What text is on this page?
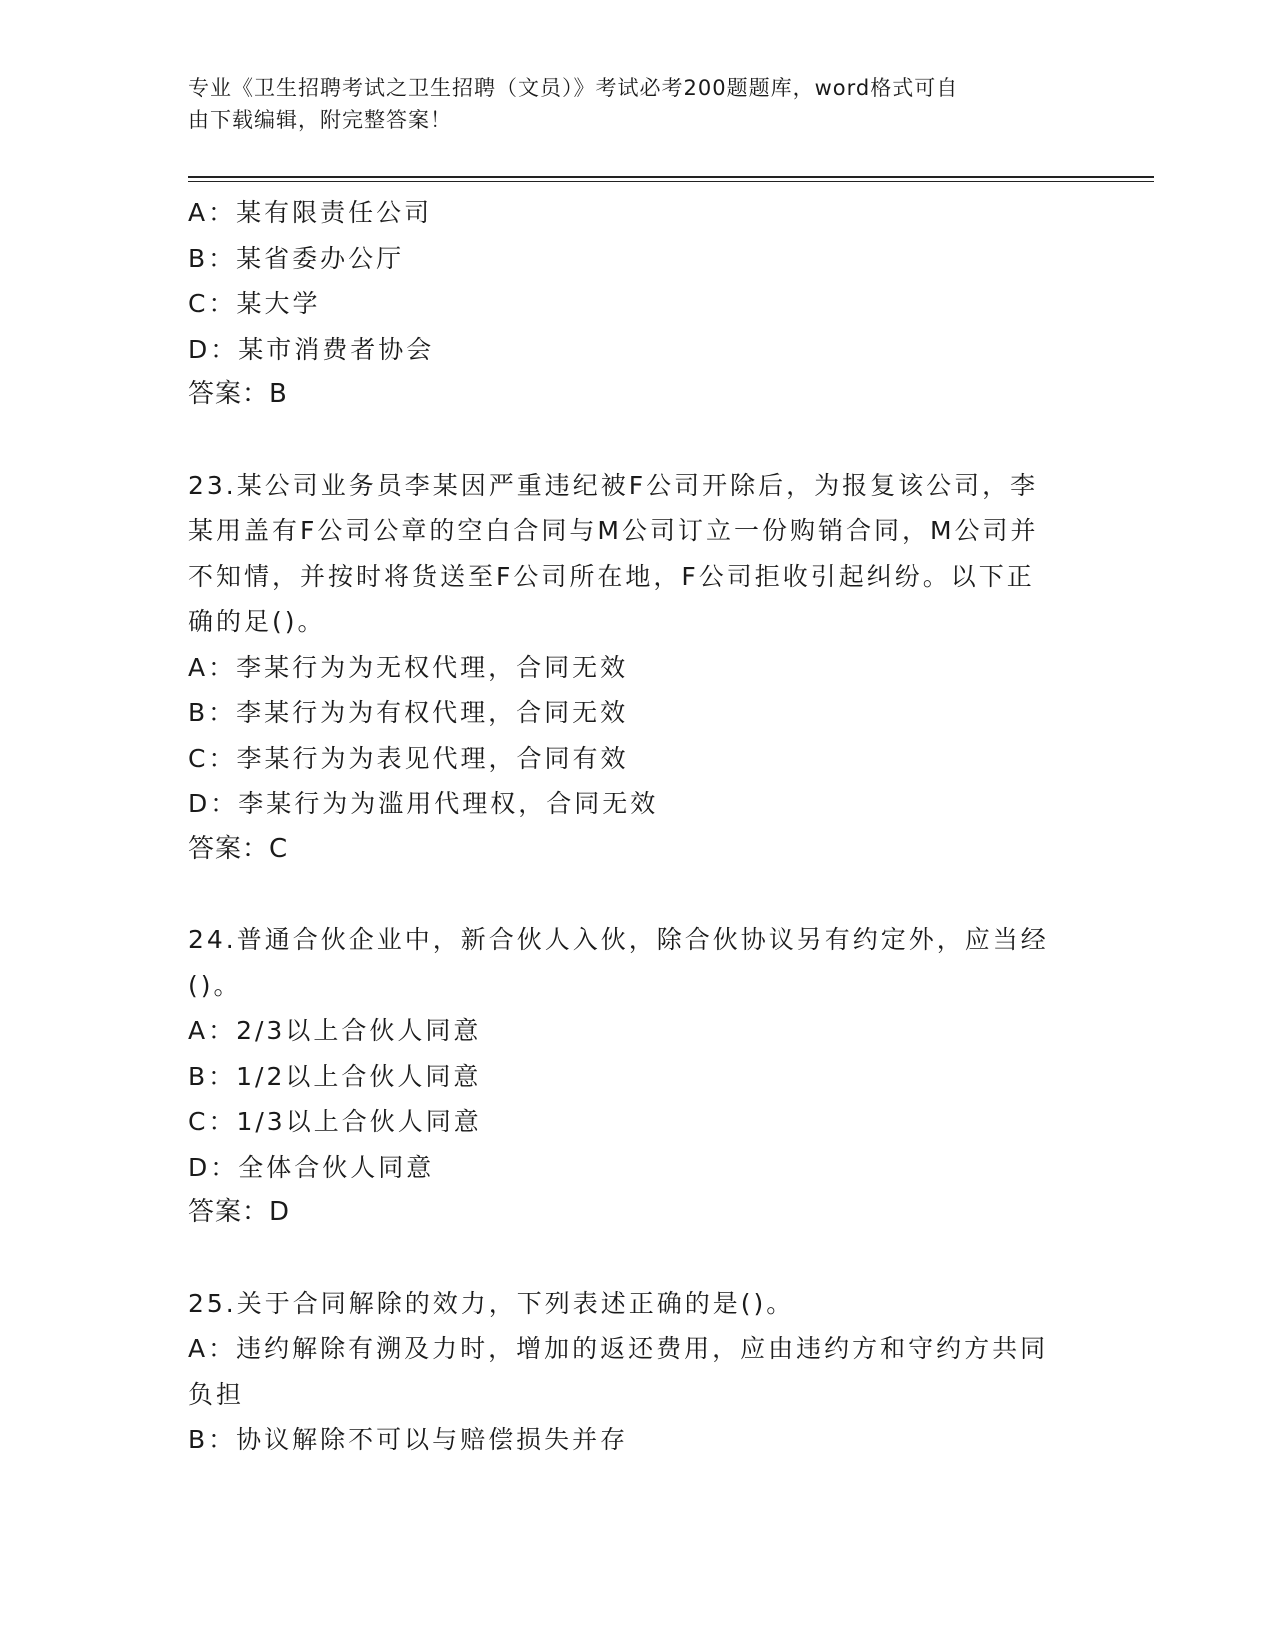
专业《卫生招聘考试之卫生招聘（文员）》考试必考200题题库，word格式可自
由下载编辑，附完整答案！
A：某有限责任公司
B：某省委办公厅
C：某大学
D：某市消费者协会
答案：B
23.某公司业务员李某因严重违纪被F公司开除后，为报复该公司，李
某用盖有F公司公章的空白合同与M公司订立一份购销合同，M公司并
不知情，并按时将货送至F公司所在地，F公司拒收引起纠纷。以下正
确的足()。
A：李某行为为无权代理，合同无效
B：李某行为为有权代理，合同无效
C：李某行为为表见代理，合同有效
D：李某行为为滥用代理权，合同无效
答案：C
24.普通合伙企业中，新合伙人入伙，除合伙协议另有约定外，应当经
()。
A：2/3以上合伙人同意
B：1/2以上合伙人同意
C：1/3以上合伙人同意
D：全体合伙人同意
答案：D
25.关于合同解除的效力，下列表述正确的是()。
A：违约解除有溯及力时，增加的返还费用，应由违约方和守约方共同
负担
B：协议解除不可以与赔偿损失并存
